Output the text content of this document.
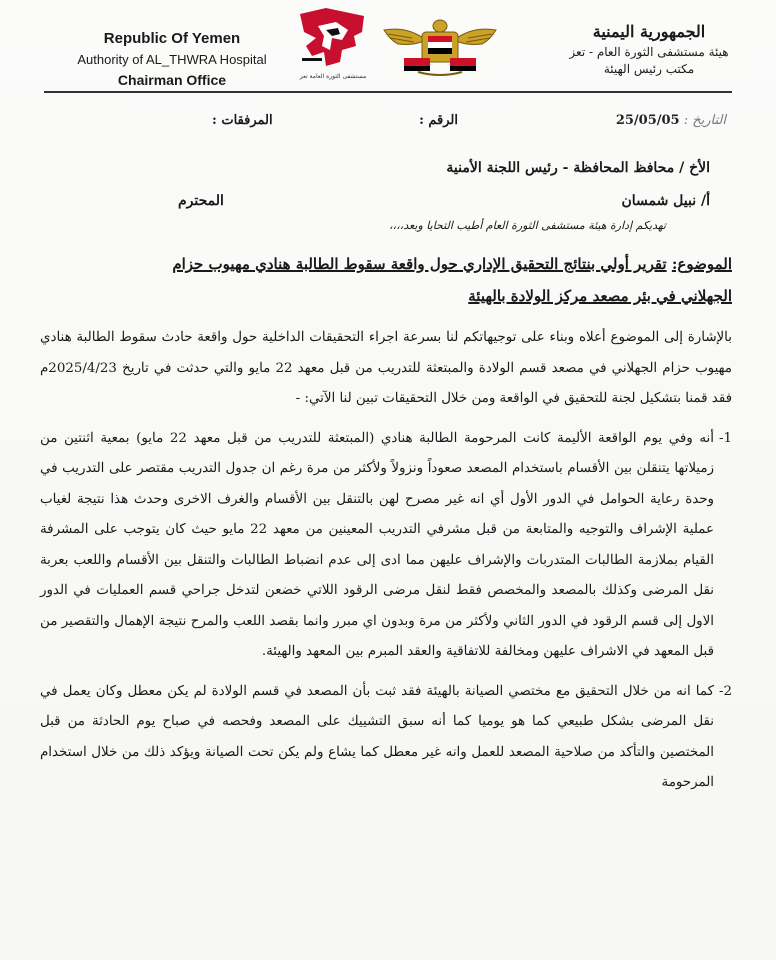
Republic Of Yemen
Authority of AL_THWRA Hospital
Chairman Office	مستشفى الثورة العامة تعز
الجمهورية اليمنية
هيئة مستشفى الثورة العام - تعز
مكتب رئيس الهيئة
التاريخ : 25/05/05
الرقم :
المرفقات :
الأخ / محافظ المحافظة - رئيس اللجنة الأمنية
أ/ نبيل شمسان
المحترم
تهديكم إدارة هيئة مستشفى الثورة العام أطيب التحايا وبعد،،،،
الموضوع: تقرير أولي بنتائج التحقيق الإداري حول واقعة سقوط الطالبة هنادي مهيوب حزام
الجهلاني في بئر مصعد مركز الولادة بالهيئة

بالإشارة إلى الموضوع أعلاه وبناء على توجيهاتكم لنا بسرعة اجراء التحقيقات الداخلية حول واقعة حادث سقوط الطالبة هنادي مهيوب حزام الجهلاني في مصعد قسم الولادة والمبتعثة للتدريب من قبل معهد 22 مايو والتي حدثت في تاريخ 2025/4/23م فقد قمنا بتشكيل لجنة للتحقيق في الواقعة ومن خلال التحقيقات تبين لنا الآتي: -

1-
أنه وفي يوم الواقعة الأليمة كانت المرحومة الطالبة هنادي (المبتعثة للتدريب من قبل معهد 22 مايو) بمعية اثنتين من زميلاتها يتنقلن بين الأقسام باستخدام المصعد صعوداً ونزولاً ولأكثر من مرة رغم ان جدول التدريب مقتصر على التدريب في وحدة رعاية الحوامل في الدور الأول أي انه غير مصرح لهن بالتنقل بين الأقسام والغرف الاخرى وحدث هذا نتيجة لغياب عملية الإشراف والتوجيه والمتابعة من قبل مشرفي التدريب المعينين من معهد 22 مايو حيث كان يتوجب على المشرفة القيام بملازمة الطالبات المتدربات والإشراف عليهن مما ادى إلى عدم انضباط الطالبات والتنقل بين الأقسام واللعب بعربة نقل المرضى وكذلك بالمصعد والمخصص فقط لنقل مرضى الرقود اللاتي خضعن لتدخل جراحي قسم العمليات في الدور الاول إلى قسم الرقود في الدور الثاني ولأكثر من مرة وبدون اي مبرر وانما بقصد اللعب والمرح نتيجة الإهمال والتقصير من قبل المعهد في الاشراف عليهن ومخالفة للاتفاقية والعقد المبرم بين المعهد والهيئة.
2-
كما انه من خلال التحقيق مع مختصي الصيانة بالهيئة فقد ثبت بأن المصعد في قسم الولادة لم يكن معطل وكان يعمل في نقل المرضى بشكل طبيعي كما هو يوميا كما أنه سبق التشييك على المصعد وفحصه في صباح يوم الحادثة من قبل المختصين والتأكد من صلاحية المصعد للعمل وانه غير معطل كما يشاع ولم يكن تحت الصيانة ويؤكد ذلك من خلال استخدام المرحومة
